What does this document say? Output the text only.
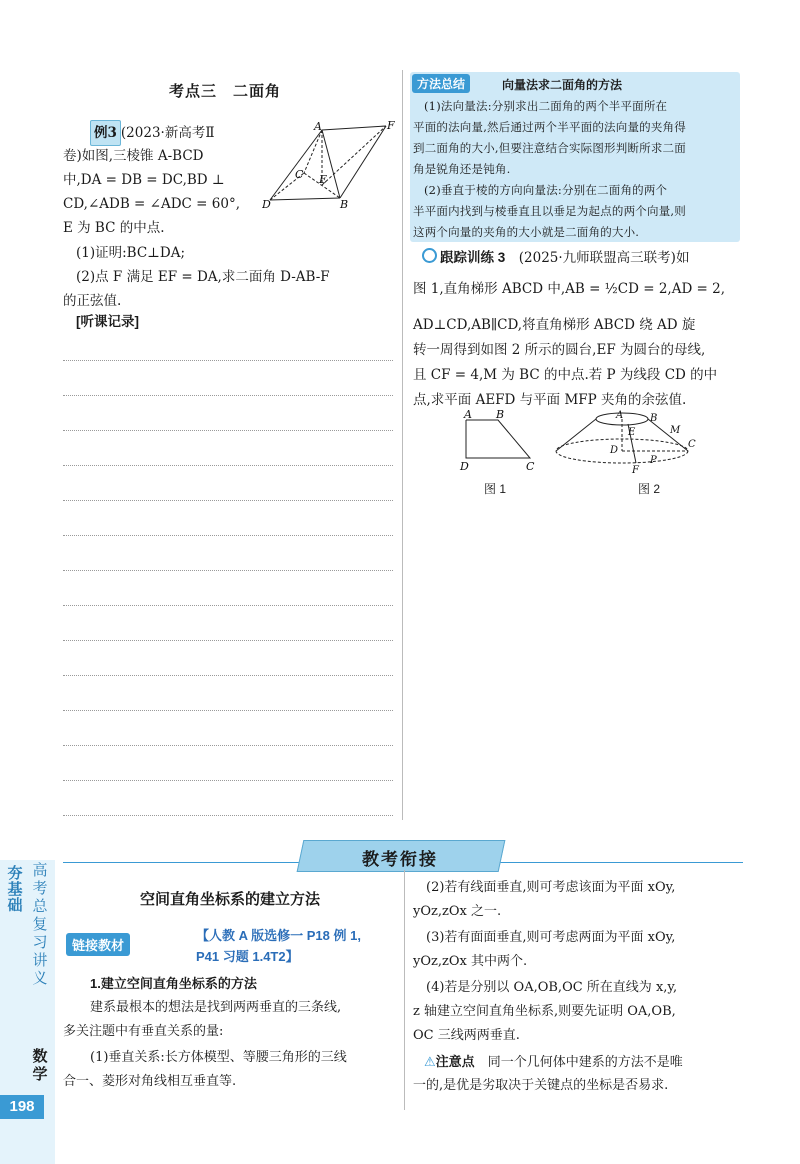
考点三　二面角
例3 (2023·新高考Ⅱ
卷)如图,三棱锥 A-BCD
中,DA = DB = DC,BD ⊥
CD,∠ADB = ∠ADC = 60°,
E 为 BC 的中点.
(1)证明:BC⊥DA;
(2)点 F 满足 EF = DA,求二面角 D-AB-F
的正弦值.
[听课记录]
A	F
C E
D	B
方法总结	向量法求二面角的方法
(1)法向量法:分别求出二面角的两个半平面所在
平面的法向量,然后通过两个半平面的法向量的夹角得
到二面角的大小,但要注意结合实际图形判断所求二面
角是锐角还是钝角.
(2)垂直于棱的方向向量法:分别在二面角的两个
半平面内找到与棱垂直且以垂足为起点的两个向量,则
这两个向量的夹角的大小就是二面角的大小.
跟踪训练 3　 (2025·九师联盟高三联考)如
图 1,直角梯形 ABCD 中,AB = ½CD = 2,AD = 2,
AD⊥CD,AB∥CD,将直角梯形 ABCD 绕 AD 旋
转一周得到如图 2 所示的圆台,EF 为圆台的母线,
且 CF = 4,M 为 BC 的中点.若 P 为线段 CD 的中
点,求平面 AEFD 与平面 MFP 夹角的余弦值.
A B
D	C
图 1
A	B
E	M
C
D
P
F
图 2
教考衔接
夯基础
高考总复习讲义
数学
198
空间直角坐标系的建立方法
链接教材
【人教 A 版选修一 P18 例 1,
P41 习题 1.4T2】
1.建立空间直角坐标系的方法
建系最根本的想法是找到两两垂直的三条线,
多关注题中有垂直关系的量:
(1)垂直关系:长方体模型、等腰三角形的三线
合一、菱形对角线相互垂直等.
(2)若有线面垂直,则可考虑该面为平面 xOy,
yOz,zOx 之一.
(3)若有面面垂直,则可考虑两面为平面 xOy,
yOz,zOx 其中两个.
(4)若是分别以 OA,OB,OC 所在直线为 x,y,
z 轴建立空间直角坐标系,则要先证明 OA,OB,
OC 三线两两垂直.
⚠注意点　 同一个几何体中建系的方法不是唯
一的,是优是劣取决于关键点的坐标是否易求.
